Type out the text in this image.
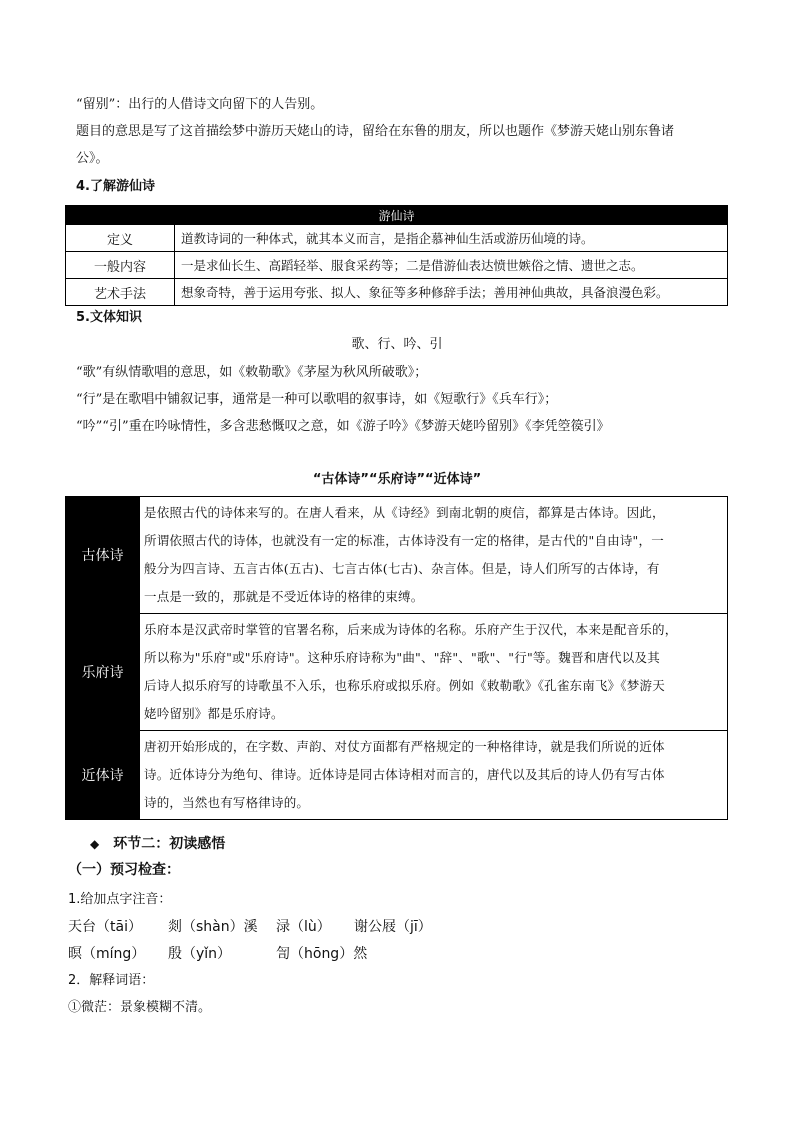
“留别”：出行的人借诗文向留下的人告别。
题目的意思是写了这首描绘梦中游历天姥山的诗，留给在东鲁的朋友，所以也题作《梦游天姥山别东鲁诸
公》。
4.了解游仙诗
游仙诗	
定义	道教诗词的一种体式，就其本义而言，是指企慕神仙生活或游历仙境的诗。
一般内容	一是求仙长生、高蹈轻举、服食采药等；二是借游仙表达愤世嫉俗之情、遗世之志。
艺术手法	想象奇特，善于运用夸张、拟人、象征等多种修辞手法；善用神仙典故，具备浪漫色彩。
5.文体知识
歌、行、吟、引
“歌”有纵情歌唱的意思，如《敕勒歌》《茅屋为秋风所破歌》；
“行”是在歌唱中铺叙记事，通常是一种可以歌唱的叙事诗，如《短歌行》《兵车行》；
“吟”“引”重在吟咏情性，多含悲愁慨叹之意，如《游子吟》《梦游天姥吟留别》《李凭箜篌引》
“古体诗”“乐府诗”“近体诗”
古体诗	是依照古代的诗体来写的。在唐人看来，从《诗经》到南北朝的庾信，都算是古体诗。因此，
所谓依照古代的诗体，也就没有一定的标准，古体诗没有一定的格律，是古代的"自由诗"，一
般分为四言诗、五言古体(五古)、七言古体(七古)、杂言体。但是，诗人们所写的古体诗，有
一点是一致的，那就是不受近体诗的格律的束缚。

乐府诗	乐府本是汉武帝时掌管的官署名称，后来成为诗体的名称。乐府产生于汉代，本来是配音乐的，
所以称为"乐府"或"乐府诗"。这种乐府诗称为"曲"、"辞"、"歌"、"行"等。魏晋和唐代以及其
后诗人拟乐府写的诗歌虽不入乐，也称乐府或拟乐府。例如《敕勒歌》《孔雀东南飞》《梦游天
姥吟留别》都是乐府诗。

近体诗	唐初开始形成的，在字数、声韵、对仗方面都有严格规定的一种格律诗，就是我们所说的近体
诗。近体诗分为绝句、律诗。近体诗是同古体诗相对而言的，唐代以及其后的诗人仍有写古体
诗的，当然也有写格律诗的。
◆ 环节二：初读感悟
（一）预习检查：
1.给加点字注音：
天台（tāi） 剡（shàn）溪 渌（lù） 谢公屐（jī）
暝（míng） 殷（yǐn）	訇（hōng）然
2．解释词语：
①微茫：景象模糊不清。
